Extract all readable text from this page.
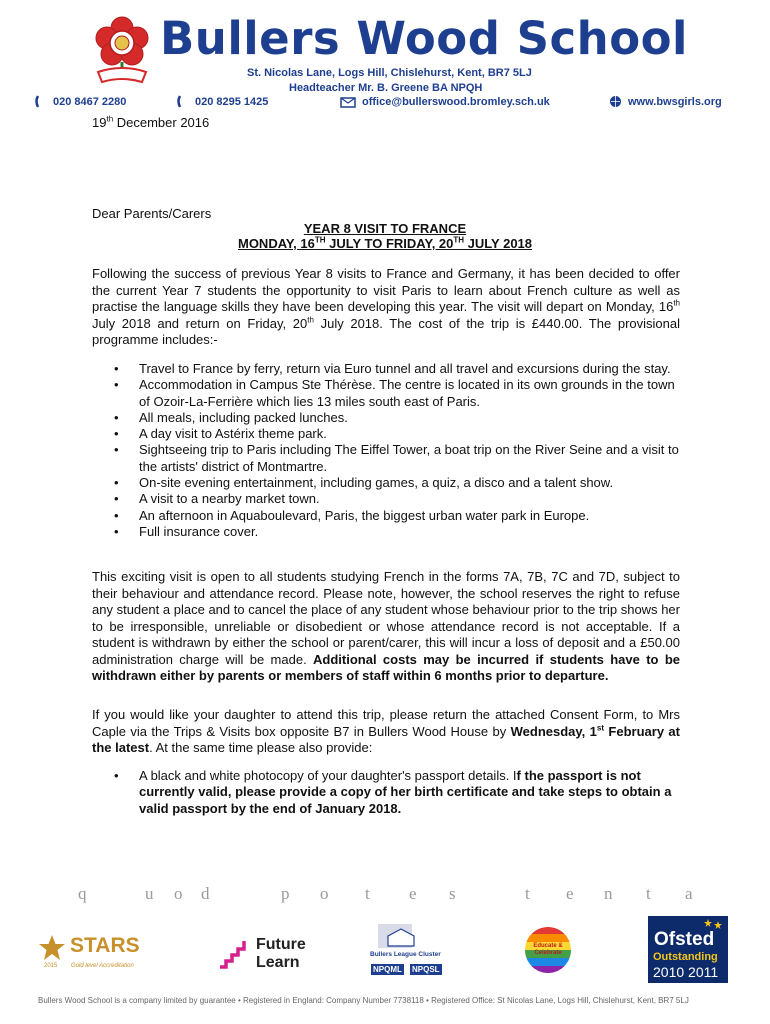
Bullers Wood School
St. Nicolas Lane, Logs Hill, Chislehurst, Kent, BR7 5LJ
Headteacher Mr. B. Greene BA NPQH
020 8467 2280	020 8295 1425	office@bullerswood.bromley.sch.uk	www.bwsgirls.org
19th December 2016
Dear Parents/Carers
YEAR 8 VISIT TO FRANCE
MONDAY, 16TH JULY TO FRIDAY, 20TH JULY 2018
Following the success of previous Year 8 visits to France and Germany, it has been decided to offer the current Year 7 students the opportunity to visit Paris to learn about French culture as well as practise the language skills they have been developing this year. The visit will depart on Monday, 16th July 2018 and return on Friday, 20th July 2018. The cost of the trip is £440.00. The provisional programme includes:-
• Travel to France by ferry, return via Euro tunnel and all travel and excursions during the stay.
• Accommodation in Campus Ste Thérèse. The centre is located in its own grounds in the town of Ozoir-La-Ferrière which lies 13 miles south east of Paris.
• All meals, including packed lunches.
• A day visit to Astérix theme park.
• Sightseeing trip to Paris including The Eiffel Tower, a boat trip on the River Seine and a visit to the artists' district of Montmartre.
• On-site evening entertainment, including games, a quiz, a disco and a talent show.
• A visit to a nearby market town.
• An afternoon in Aquaboulevard, Paris, the biggest urban water park in Europe.
• Full insurance cover.
This exciting visit is open to all students studying French in the forms 7A, 7B, 7C and 7D, subject to their behaviour and attendance record. Please note, however, the school reserves the right to refuse any student a place and to cancel the place of any student whose behaviour prior to the trip shows her to be irresponsible, unreliable or disobedient or whose attendance record is not acceptable. If a student is withdrawn by either the school or parent/carer, this will incur a loss of deposit and a £50.00 administration charge will be made. Additional costs may be incurred if students have to be withdrawn either by parents or members of staff within 6 months prior to departure.
If you would like your daughter to attend this trip, please return the attached Consent Form, to Mrs Caple via the Trips & Visits box opposite B7 in Bullers Wood House by Wednesday, 1st February at the latest. At the same time please also provide:
• A black and white photocopy of your daughter's passport details. If the passport is not currently valid, please provide a copy of her birth certificate and take steps to obtain a valid passport by the end of January 2018.
q	u o d	p o t e s	t e n t a
STARS
2015 Gold level Accreditation
Future
Learn	Bullers League Cluster
NPQML NPQSL
Educate & Celebrate
Ofsted
Outstanding
2010 2011
Bullers Wood School is a company limited by guarantee • Registered in England: Company Number 7738118 • Registered Office: St Nicolas Lane, Logs Hill, Chislehurst, Kent, BR7 5LJ
